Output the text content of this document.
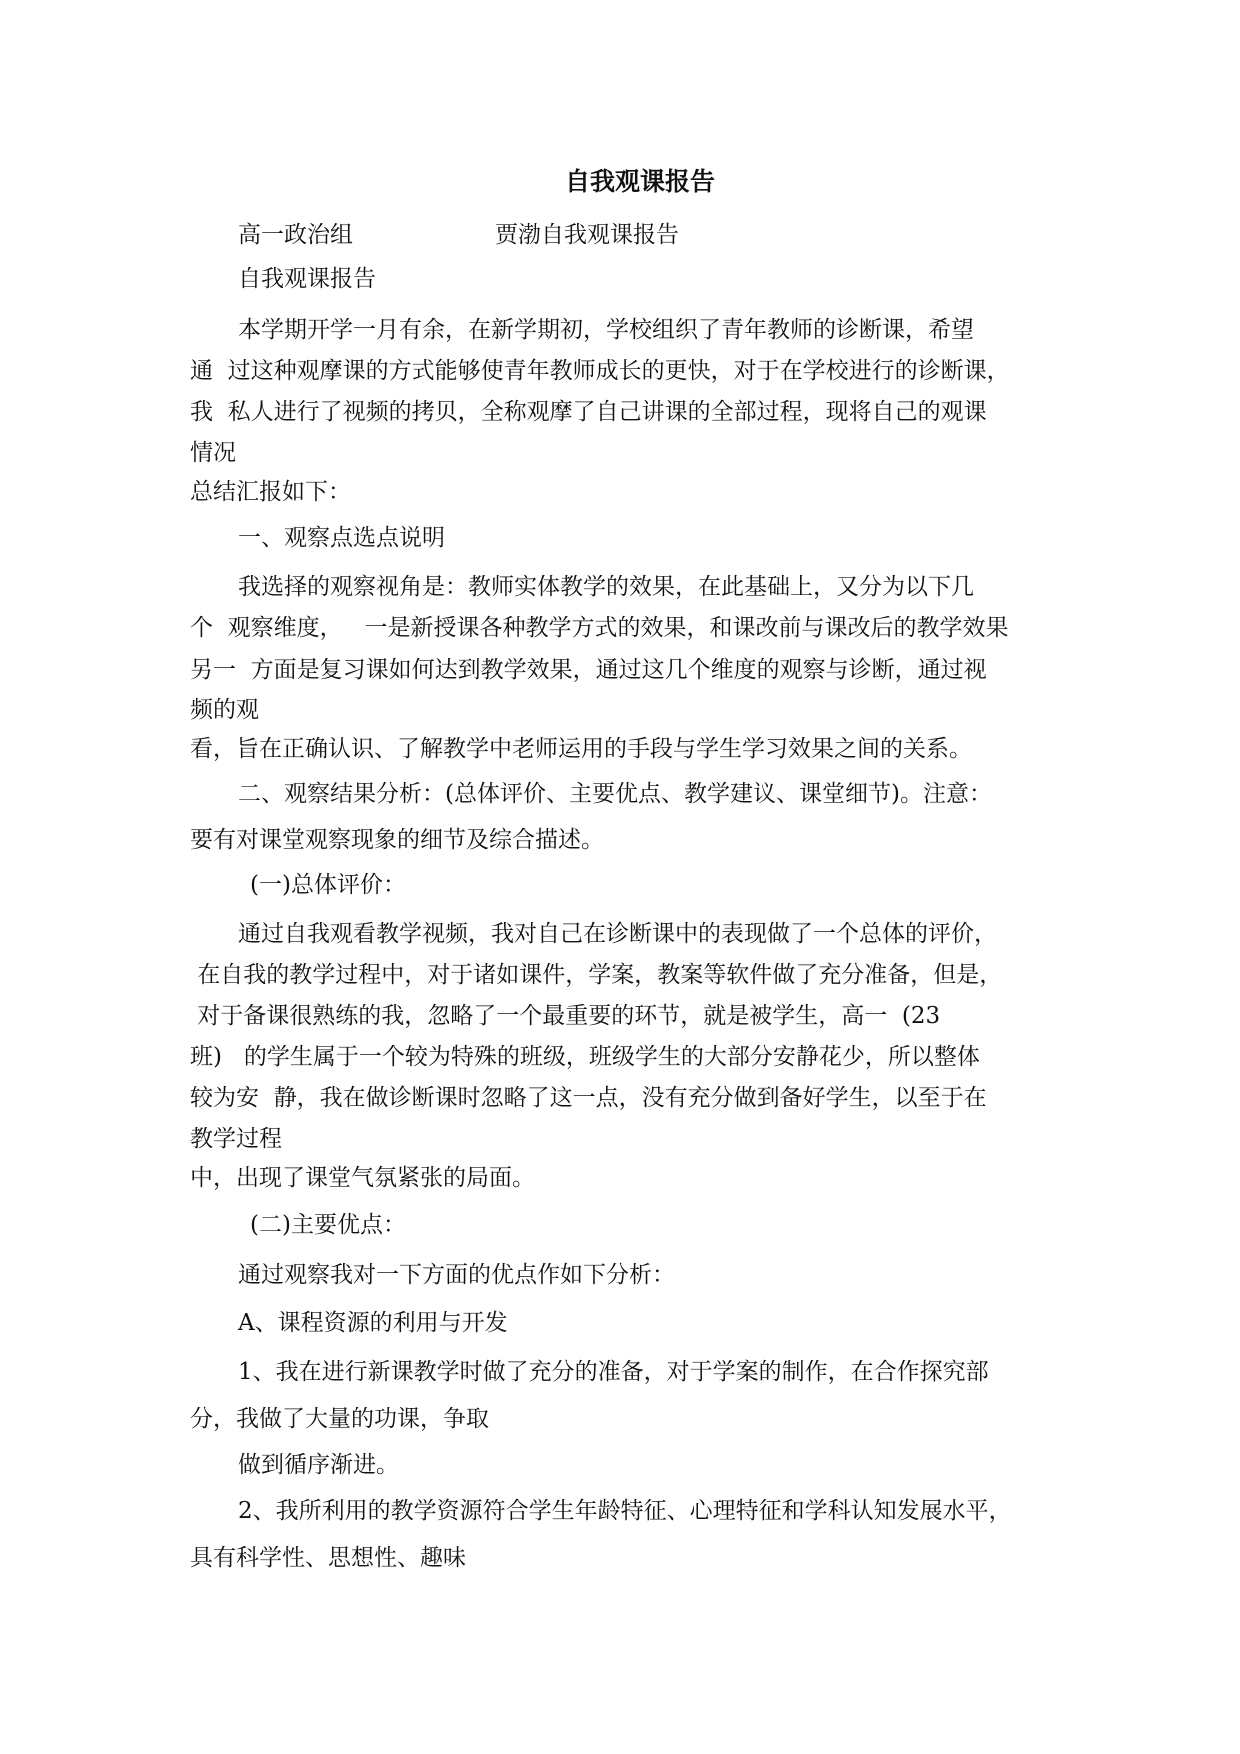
自我观课报告
高一政治组	贾渤自我观课报告
自我观课报告
本学期开学一月有余，在新学期初，学校组织了青年教师的诊断课，希望
通  过这种观摩课的方式能够使青年教师成长的更快，对于在学校进行的诊断课，
我  私人进行了视频的拷贝，全称观摩了自己讲课的全部过程，现将自己的观课
情况
总结汇报如下：
一、观察点选点说明
我选择的观察视角是：教师实体教学的效果，在此基础上，又分为以下几
个  观察维度，   一是新授课各种教学方式的效果，和课改前与课改后的教学效果
另一  方面是复习课如何达到教学效果，通过这几个维度的观察与诊断，通过视
频的观
看，旨在正确认识、了解教学中老师运用的手段与学生学习效果之间的关系。
二、观察结果分析：(总体评价、主要优点、教学建议、课堂细节)。注意：
要有对课堂观察现象的细节及综合描述。
(一)总体评价：
通过自我观看教学视频，我对自己在诊断课中的表现做了一个总体的评价，
在自我的教学过程中，对于诸如课件，学案，教案等软件做了充分准备，但是，
对于备课很熟练的我，忽略了一个最重要的环节，就是被学生，高一  (23
班)   的学生属于一个较为特殊的班级，班级学生的大部分安静花少，所以整体
较为安  静，我在做诊断课时忽略了这一点，没有充分做到备好学生，以至于在
教学过程
中，出现了课堂气氛紧张的局面。
(二)主要优点：
通过观察我对一下方面的优点作如下分析：
A、课程资源的利用与开发
1、我在进行新课教学时做了充分的准备，对于学案的制作，在合作探究部
分，我做了大量的功课，争取
做到循序渐进。
2、我所利用的教学资源符合学生年龄特征、心理特征和学科认知发展水平，
具有科学性、思想性、趣味
